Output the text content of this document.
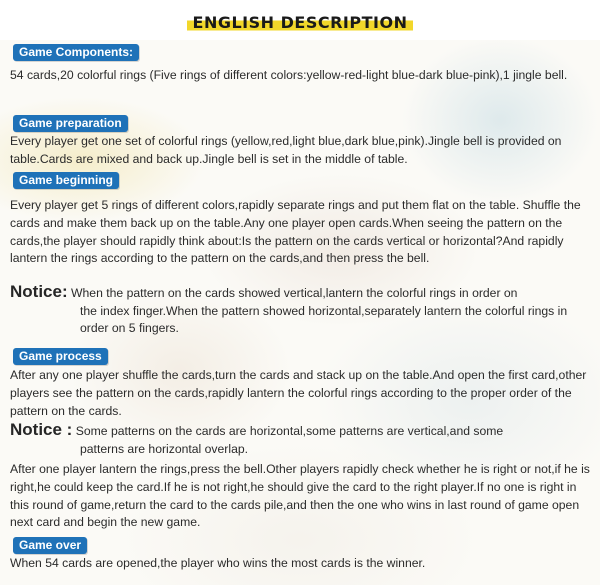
ENGLISH DESCRIPTION
Game Components:

54 cards,20 colorful rings (Five rings of different colors:yellow-red-light blue-dark blue-pink),1 jingle bell.

Game preparation

Every player get one set of colorful rings (yellow,red,light blue,dark blue,pink).Jingle bell is provided on table.Cards are mixed and back up.Jingle bell is set in the middle of table.

Game beginning

Every player get 5 rings of different colors,rapidly separate rings and put them flat on the table. Shuffle the cards and make them back up on the table.Any one player open cards.When seeing the pattern on the cards,the player should rapidly think about:Is the pattern on the cards vertical or horizontal?And rapidly lantern the rings according to the pattern on the cards,and then press the bell.

Notice: When the pattern on the cards showed vertical,lantern the colorful rings in order on
the index finger.When the pattern showed horizontal,separately lantern the colorful rings in order on 5 fingers.
Game process

After any one player shuffle the cards,turn the cards and stack up on the table.And open the first card,other players see the pattern on the cards,rapidly lantern the colorful rings according to the proper order of the pattern on the cards.

Notice : Some patterns on the cards are horizontal,some patterns are vertical,and some
patterns are horizontal overlap.

After one player lantern the rings,press the bell.Other players rapidly check whether he is right or not,if he is right,he could keep the card.If he is not right,he should give the card to the right player.If no one is right in this round of game,return the card to the cards pile,and then the one who wins in last round of game open next card and begin the new game.

Game over

When 54 cards are opened,the player who wins the most cards is the winner.
